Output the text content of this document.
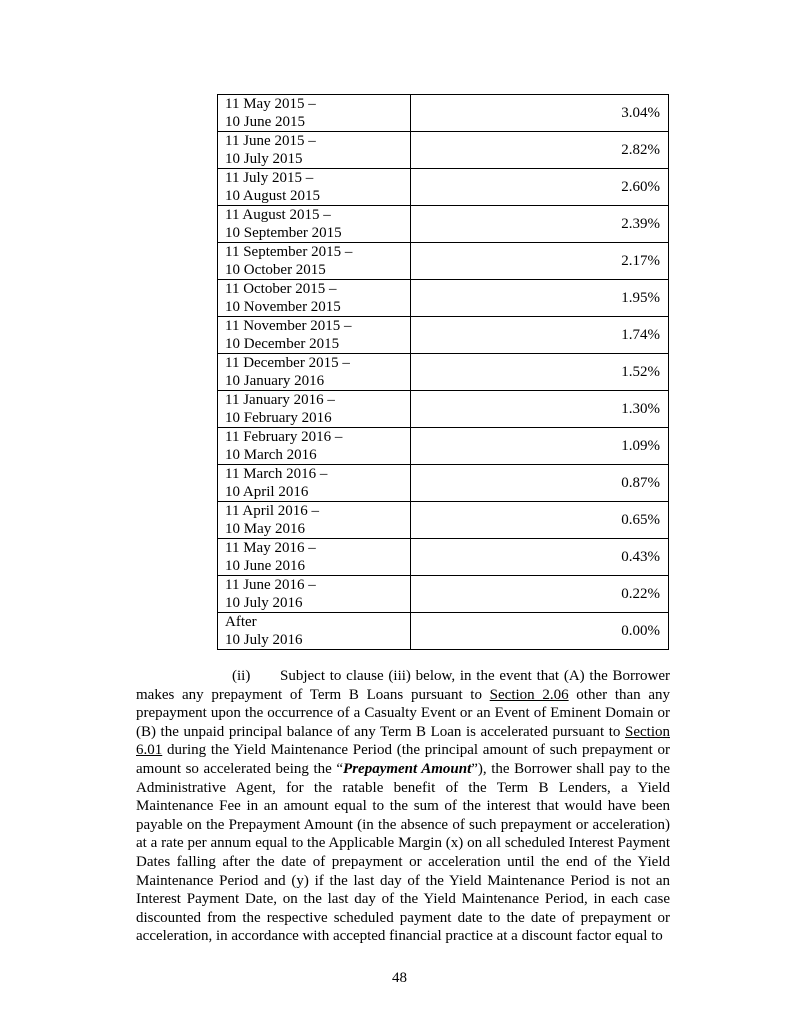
11 May 2015 –
10 June 2015	3.04%

11 June 2015 –
10 July 2015	2.82%

11 July 2015 –
10 August 2015	2.60%

11 August 2015 –
10 September 2015	2.39%

11 September 2015 –
10 October 2015	2.17%

11 October 2015 –
10 November 2015	1.95%

11 November 2015 –
10 December 2015	1.74%

11 December 2015 –
10 January 2016	1.52%

11 January 2016 –
10 February 2016	1.30%

11 February 2016 –
10 March 2016	1.09%

11 March 2016 –
10 April 2016	0.87%

11 April 2016 –
10 May 2016	0.65%

11 May 2016 –
10 June 2016	0.43%

11 June 2016 –
10 July 2016	0.22%

After
10 July 2016	0.00%

(ii) Subject to clause (iii) below, in the event that (A) the Borrower makes any prepayment of Term B Loans pursuant to Section 2.06 other than any prepayment upon the occurrence of a Casualty Event or an Event of Eminent Domain or (B) the unpaid principal balance of any Term B Loan is accelerated pursuant to Section 6.01 during the Yield Maintenance Period (the principal amount of such prepayment or amount so accelerated being the “Prepayment Amount”), the Borrower shall pay to the Administrative Agent, for the ratable benefit of the Term B Lenders, a Yield Maintenance Fee in an amount equal to the sum of the interest that would have been payable on the Prepayment Amount (in the absence of such prepayment or acceleration) at a rate per annum equal to the Applicable Margin (x) on all scheduled Interest Payment Dates falling after the date of prepayment or acceleration until the end of the Yield Maintenance Period and (y) if the last day of the Yield Maintenance Period is not an Interest Payment Date, on the last day of the Yield Maintenance Period, in each case discounted from the respective scheduled payment date to the date of prepayment or acceleration, in accordance with accepted financial practice at a discount factor equal to

48
